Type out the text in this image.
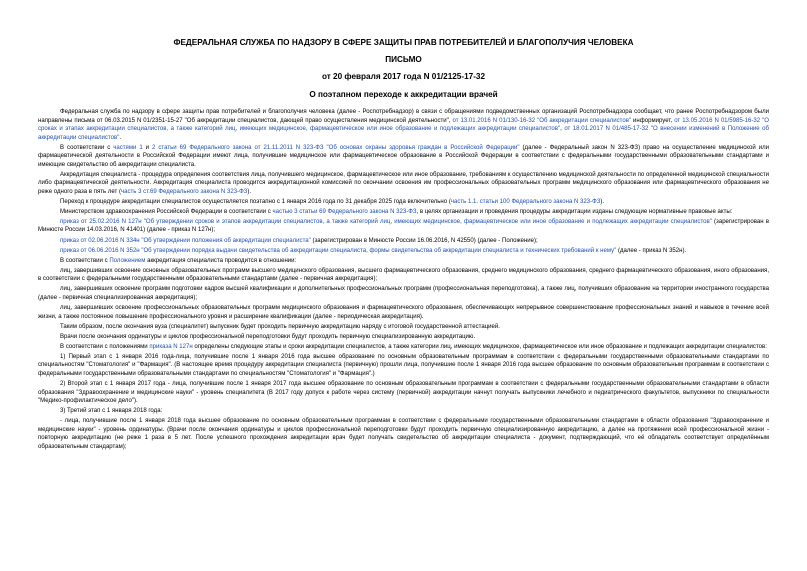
ФЕДЕРАЛЬНАЯ СЛУЖБА ПО НАДЗОРУ В СФЕРЕ ЗАЩИТЫ ПРАВ ПОТРЕБИТЕЛЕЙ И БЛАГОПОЛУЧИЯ ЧЕЛОВЕКА

ПИСЬМО

от 20 февраля 2017 года N 01/2125-17-32

О поэтапном переходе к аккредитации врачей

Федеральная служба по надзору в сфере защиты прав потребителей и благополучия человека (далее - Роспотребнадзор) в связи с обращениями подведомственных организаций Роспотребнадзора сообщает, что ранее Роспотребнадзором были направлены письма от 06.03.2015 N 01/2351-15-27 "Об аккредитации специалистов, дающей право осуществления медицинской деятельности", от 13.01.2016 N 01/130-16-32 "Об аккредитации специалистов" информирует, от 13.05.2016 N 01/5985-16-32 "О сроках и этапах аккредитации специалистов, а также категорий лиц, имеющих медицинское, фармацевтическое или иное образование и подлежащих аккредитации специалистов", от 18.01.2017 N 01/485-17-32 "О внесении изменений в Положение об аккредитации специалистов".

В соответствии с частями 1 и 2 статьи 69 Федерального закона от 21.11.2011 N 323-ФЗ "Об основах охраны здоровья граждан в Российской Федерации" (далее - Федеральный закон N 323-ФЗ) право на осуществление медицинской или фармацевтической деятельности в Российской Федерации имеют лица, получившие медицинское или фармацевтическое образование в Российской Федерации в соответствии с федеральными государственными образовательными стандартами и имеющие свидетельство об аккредитации специалиста.

Аккредитация специалиста - процедура определения соответствия лица, получившего медицинское, фармацевтическое или иное образование, требованиям к осуществлению медицинской деятельности по определенной медицинской специальности либо фармацевтической деятельности. Аккредитация специалиста проводится аккредитационной комиссией по окончании освоения им профессиональных образовательных программ медицинского образования или фармацевтического образования не реже одного раза в пять лет (часть 3 ст.69 Федерального закона N 323-ФЗ).

Переход к процедуре аккредитации специалистов осуществляется поэтапно с 1 января 2016 года по 31 декабря 2025 года включительно (часть 1.1. статьи 100 Федерального закона N 323-ФЗ).

Министерством здравоохранения Российской Федерации в соответствии с частью 3 статьи 69 Федерального закона N 323-ФЗ, в целях организации и проведения процедуры аккредитации изданы следующие нормативные правовые акты:

приказ от 25.02.2016 N 127н "Об утверждении сроков и этапов аккредитации специалистов, а также категорий лиц, имеющих медицинское, фармацевтическое или иное образование и подлежащих аккредитации специалистов" (зарегистрирован в Минюсте России 14.03.2016, N 41401) (далее - приказ N 127н);

приказ от 02.06.2016 N 334н "Об утверждении положения об аккредитации специалиста" (зарегистрирован в Минюсте России 16.06.2016, N 42550) (далее - Положение);

приказ от 06.06.2016 N 352н "Об утверждении порядка выдачи свидетельства об аккредитации специалиста, формы свидетельства об аккредитации специалиста и технических требований к нему" (далее - приказ N 352н).

В соответствии с Положением аккредитация специалиста проводится в отношении:

лиц, завершивших освоение основных образовательных программ высшего медицинского образования, высшего фармацевтического образования, среднего медицинского образования, среднего фармацевтического образования, иного образования, в соответствии с федеральными государственными образовательными стандартами (далее - первичная аккредитация);

лиц, завершивших освоение программ подготовки кадров высшей квалификации и дополнительных профессиональных программ (профессиональная переподготовка), а также лиц, получивших образование на территории иностранного государства (далее - первичная специализированная аккредитация);

лиц, завершивших освоение профессиональных образовательных программ медицинского образования и фармацевтического образования, обеспечивающих непрерывное совершенствование профессиональных знаний и навыков в течение всей жизни, а также постоянное повышение профессионального уровня и расширение квалификации (далее - периодическая аккредитация).

Таким образом, после окончания вуза (специалитет) выпускник будет проходить первичную аккредитацию наряду с итоговой государственной аттестацией.

Врачи после окончания ординатуры и циклов профессиональной переподготовки будут проходить первичную специализированную аккредитацию.

В соответствии с положениями приказа N 127н определены следующие этапы и сроки аккредитации специалистов, а также категории лиц, имеющих медицинское, фармацевтическое или иное образование и подлежащих аккредитации специалистов:

1) Первый этап с 1 января 2016 года-лица, получившие после 1 января 2016 года высшее образование по основным образовательным программам в соответствии с федеральными государственными образовательными стандартами по специальностям "Стоматология" и "Фармация". (В настоящее время процедуру аккредитации специалиста (первичную) прошли лица, получившие после 1 января 2016 года высшее образование по основным образовательным программам в соответствии с федеральными государственными образовательными стандартами по специальностям "Стоматология" и "Фармация".)

2) Второй этап с 1 января 2017 года - лица, получившие после 1 января 2017 года высшее образование по основным образовательным программам в соответствии с федеральными государственными образовательными стандартами в области образования "Здравоохранение и медицинские науки" - уровень специалитета (В 2017 году допуск к работе через систему (первичной) аккредитации начнут получать выпускники лечебного и педиатрического факультетов, выпускники по специальности "Медико-профилактическое дело").

3) Третий этап с 1 января 2018 года:

- лица, получившие после 1 января 2018 года высшее образование по основным образовательным программам в соответствии с федеральными государственными образовательными стандартами в области образования "Здравоохранение и медицинские науки" - уровень ординатуры. (Врачи после окончания ординатуры и циклов профессиональной переподготовки будут проходить первичную специализированную аккредитацию, а далее на протяжении всей профессиональной жизни - повторную аккредитацию (не реже 1 раза в 5 лет. После успешного прохождения аккредитации врач будет получать свидетельство об аккредитации специалиста - документ, подтверждающий, что её обладатель соответствует определённым образовательным стандартам);
